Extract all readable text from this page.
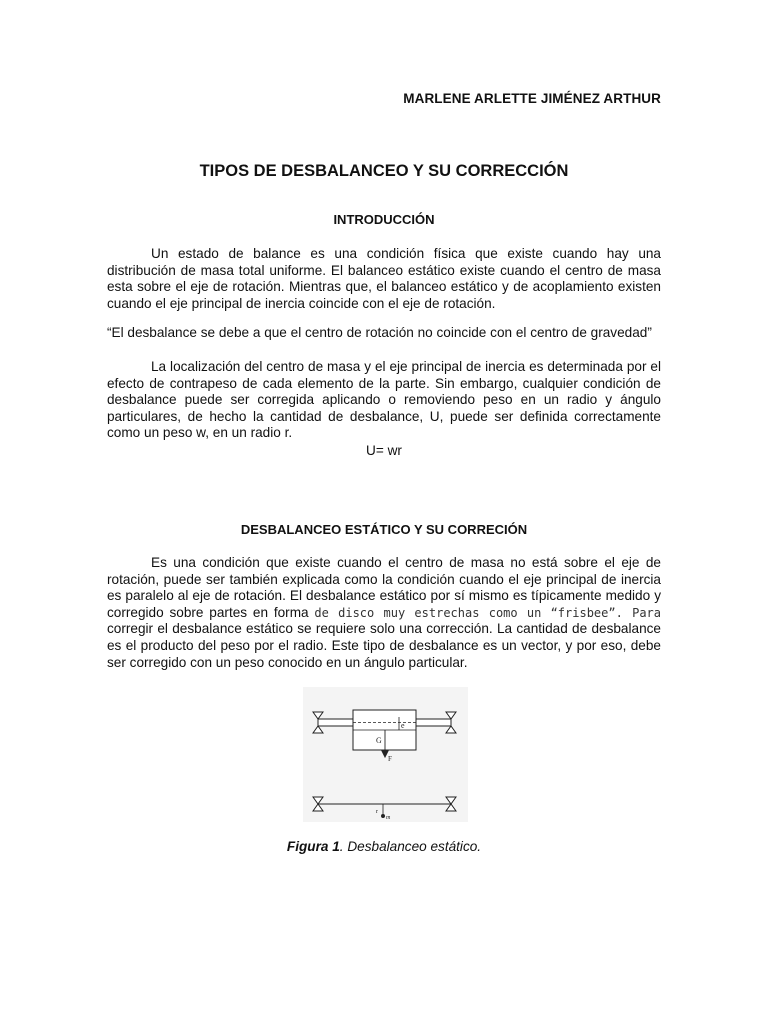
MARLENE ARLETTE JIMÉNEZ ARTHUR
TIPOS DE DESBALANCEO Y SU CORRECCIÓN
INTRODUCCIÓN

Un estado de balance es una condición física que existe cuando hay una distribución de masa total uniforme. El balanceo estático existe cuando el centro de masa esta sobre el eje de rotación. Mientras que, el balanceo estático y de acoplamiento existen cuando el eje principal de inercia coincide con el eje de rotación.

“El desbalance se debe a que el centro de rotación no coincide con el centro de gravedad”

La localización del centro de masa y el eje principal de inercia es determinada por el efecto de contrapeso de cada elemento de la parte. Sin embargo, cualquier condición de desbalance puede ser corregida aplicando o removiendo peso en un radio y ángulo particulares, de hecho la cantidad de desbalance, U, puede ser definida correctamente como un peso w, en un radio r.

U= wr
DESBALANCEO ESTÁTICO Y SU CORRECIÓN

Es una condición que existe cuando el centro de masa no está sobre el eje de rotación, puede ser también explicada como la condición cuando el eje principal de inercia es paralelo al eje de rotación. El desbalance estático por sí mismo es típicamente medido y corregido sobre partes en forma de disco muy estrechas como un “frisbee”. Para corregir el desbalance estático se requiere solo una corrección. La cantidad de desbalance es el producto del peso por el radio. Este tipo de desbalance es un vector, y por eso, debe ser corregido con un peso conocido en un ángulo particular.

e
G
F
r
m
Figura 1. Desbalanceo estático.
